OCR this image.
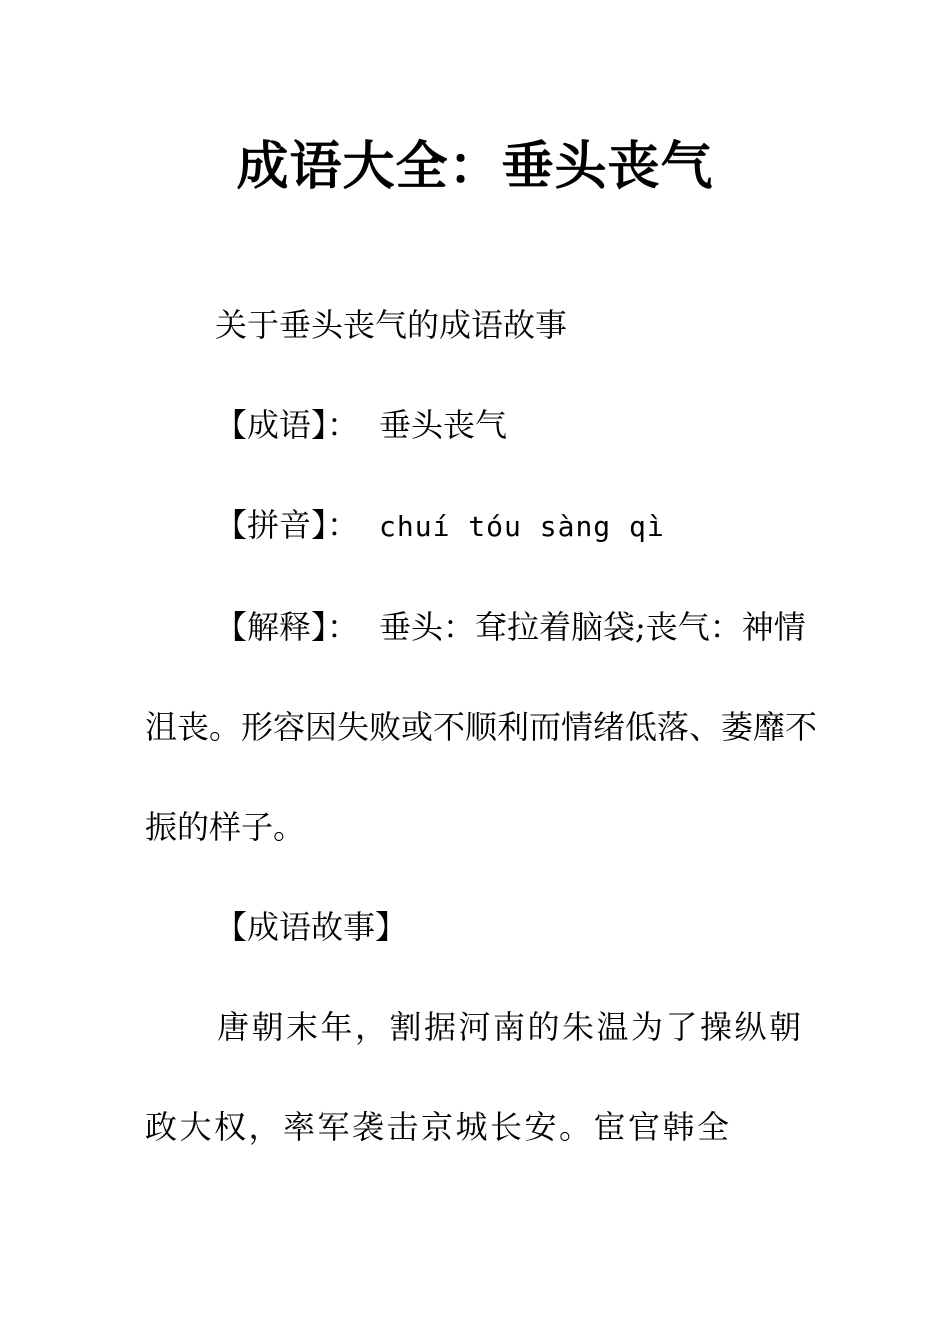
成语大全：垂头丧气

关于垂头丧气的成语故事

【成语】： 垂头丧气

【拼音】： chuí tóu sàng qì

【解释】： 垂头：耷拉着脑袋;丧气：神情沮丧。形容因失败或不顺利而情绪低落、萎靡不振的样子。

【成语故事】

唐朝末年，割据河南的朱温为了操纵朝政大权，率军袭击京城长安。宦官韩全
